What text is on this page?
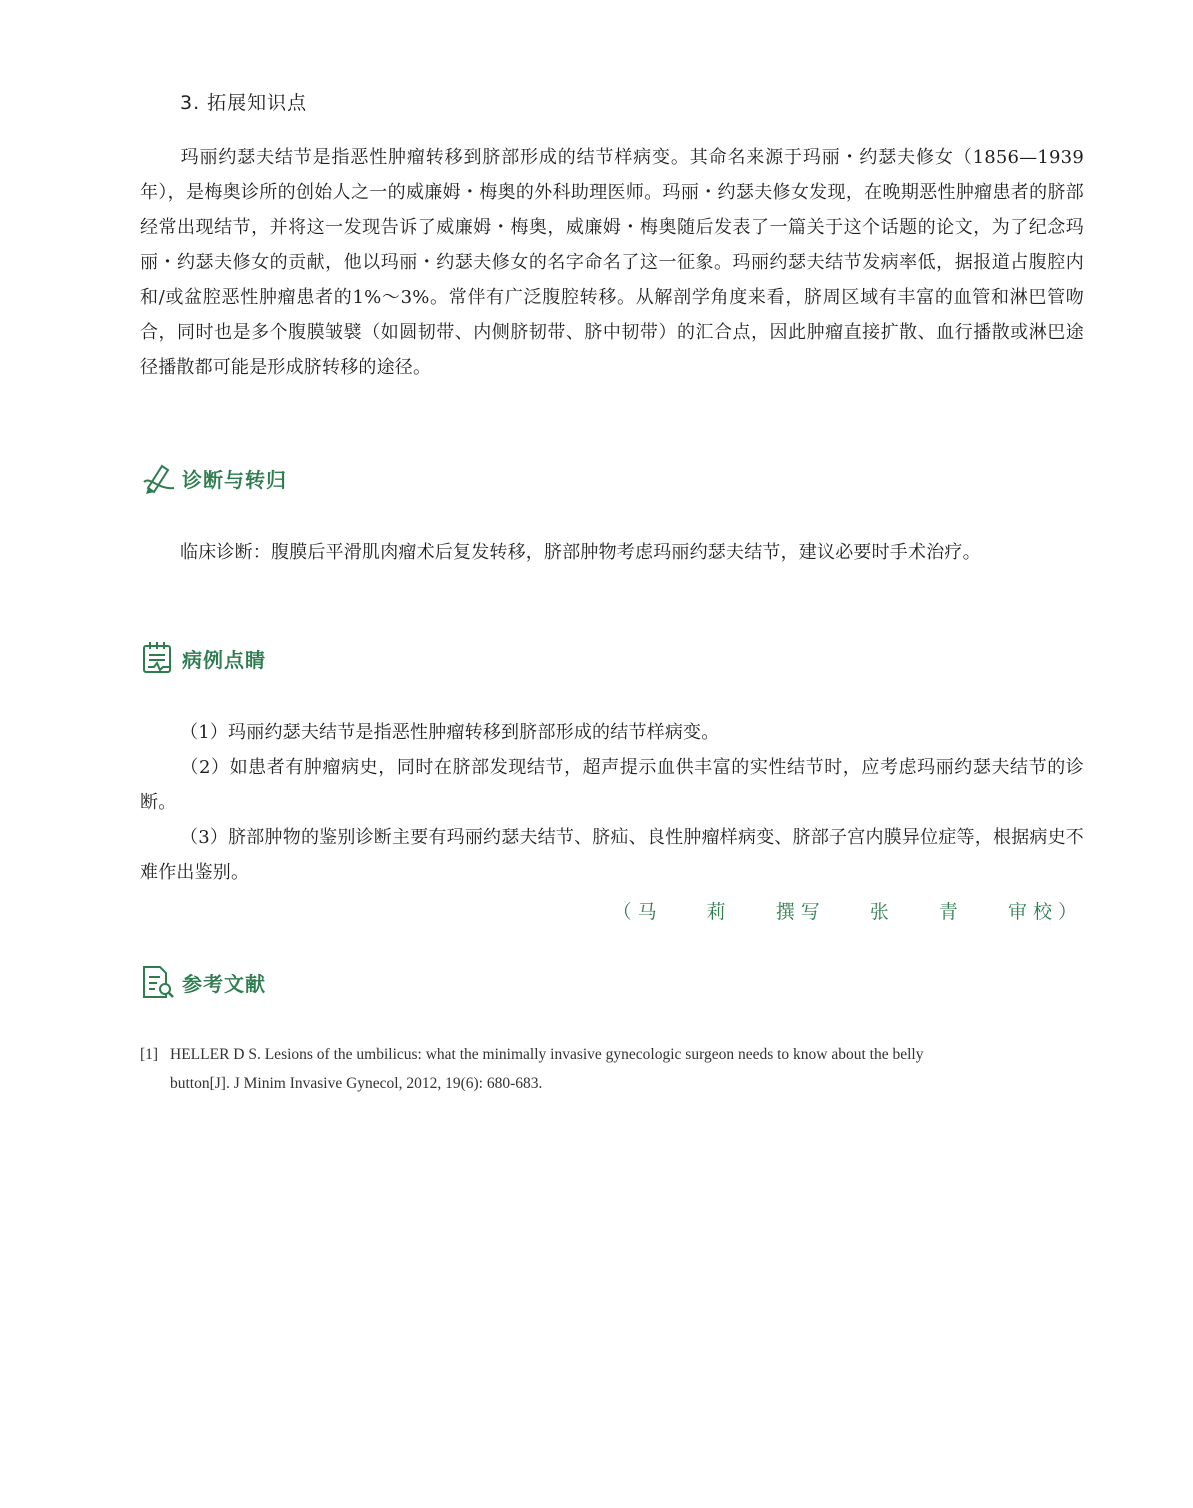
3. 拓展知识点
玛丽约瑟夫结节是指恶性肿瘤转移到脐部形成的结节样病变。其命名来源于玛丽・约瑟夫修女（1856—1939年），是梅奥诊所的创始人之一的威廉姆・梅奥的外科助理医师。玛丽・约瑟夫修女发现，在晚期恶性肿瘤患者的脐部经常出现结节，并将这一发现告诉了威廉姆・梅奥，威廉姆・梅奥随后发表了一篇关于这个话题的论文，为了纪念玛丽・约瑟夫修女的贡献，他以玛丽・约瑟夫修女的名字命名了这一征象。玛丽约瑟夫结节发病率低，据报道占腹腔内和/或盆腔恶性肿瘤患者的1%～3%。常伴有广泛腹腔转移。从解剖学角度来看，脐周区域有丰富的血管和淋巴管吻合，同时也是多个腹膜皱襞（如圆韧带、内侧脐韧带、脐中韧带）的汇合点，因此肿瘤直接扩散、血行播散或淋巴途径播散都可能是形成脐转移的途径。
诊断与转归
临床诊断：腹膜后平滑肌肉瘤术后复发转移，脐部肿物考虑玛丽约瑟夫结节，建议必要时手术治疗。
病例点睛
（1）玛丽约瑟夫结节是指恶性肿瘤转移到脐部形成的结节样病变。
（2）如患者有肿瘤病史，同时在脐部发现结节，超声提示血供丰富的实性结节时，应考虑玛丽约瑟夫结节的诊断。
（3）脐部肿物的鉴别诊断主要有玛丽约瑟夫结节、脐疝、良性肿瘤样病变、脐部子宫内膜异位症等，根据病史不难作出鉴别。
（马  莉  撰写  张  青  审校）
参考文献
[1] HELLER D S. Lesions of the umbilicus: what the minimally invasive gynecologic surgeon needs to know about the belly
button[J]. J Minim Invasive Gynecol, 2012, 19(6): 680-683.
